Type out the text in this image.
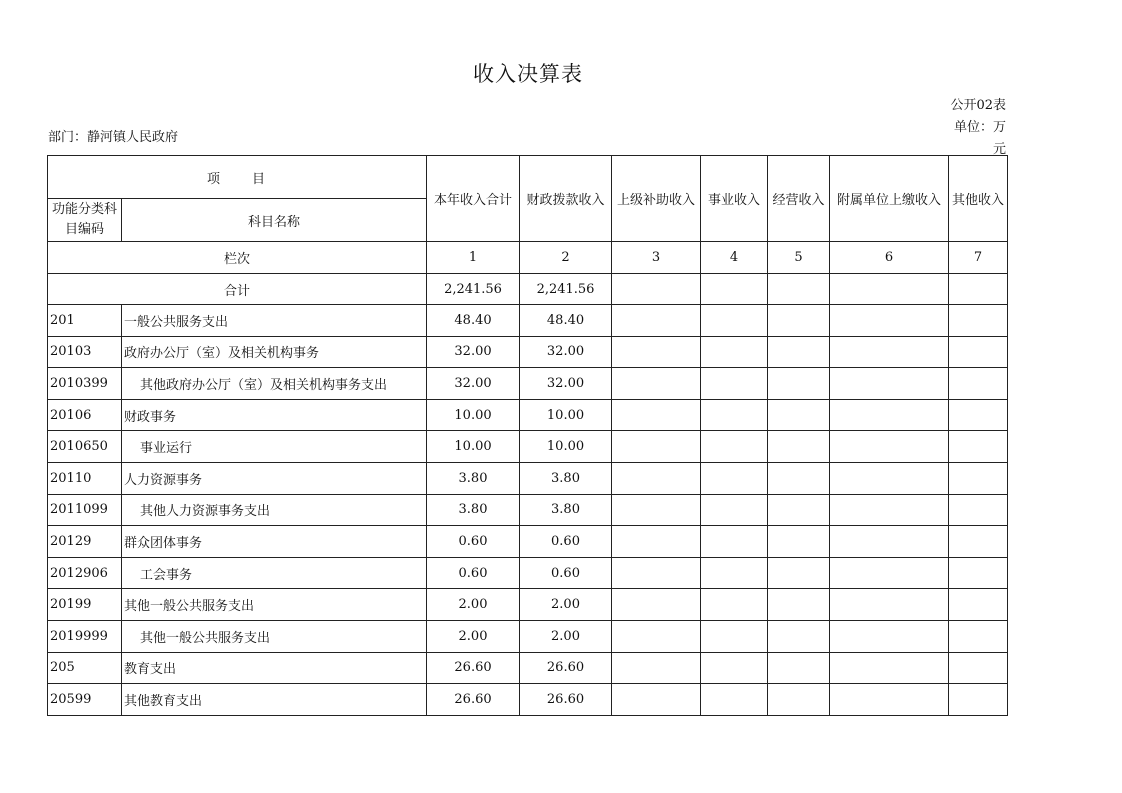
收入决算表
公开02表
单位：万
元
部门：静河镇人民政府
项　　目		本年收入合计	财政拨款收入	上级补助收入	事业收入	经营收入	附属单位上缴收入	其他收入
功能分类科目编码	科目名称							
栏次		1	2	3	4	5	6	7
合计		2,241.56	2,241.56					
201	一般公共服务支出	48.40	48.40					
20103	政府办公厅（室）及相关机构事务	32.00	32.00					
2010399	其他政府办公厅（室）及相关机构事务支出	32.00	32.00					
20106	财政事务	10.00	10.00					
2010650	事业运行	10.00	10.00					
20110	人力资源事务	3.80	3.80					
2011099	其他人力资源事务支出	3.80	3.80					
20129	群众团体事务	0.60	0.60					
2012906	工会事务	0.60	0.60					
20199	其他一般公共服务支出	2.00	2.00					
2019999	其他一般公共服务支出	2.00	2.00					
205	教育支出	26.60	26.60					
20599	其他教育支出	26.60	26.60					
